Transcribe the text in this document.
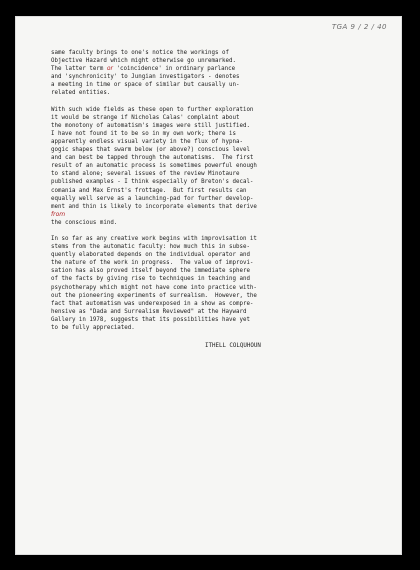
TGA 9 / 2 / 40
same faculty brings to one's notice the workings of
Objective Hazard which might otherwise go unremarked.
The latter term or 'coincidence' in ordinary parlance
and 'synchronicity' to Jungian investigators - denotes
a meeting in time or space of similar but causally un-
related entities.
With such wide fields as these open to further exploration
it would be strange if Nicholas Calas' complaint about
the monotony of automatism's images were still justified.
I have not found it to be so in my own work; there is
apparently endless visual variety in the flux of hypna-
gogic shapes that swarm below (or above?) conscious level
and can best be tapped through the automatisms.  The first
result of an automatic process is sometimes powerful enough
to stand alone; several issues of the review Minotaure
published examples - I think especially of Breton's decal-
comania and Max Ernst's frottage.  But first results can
equally well serve as a launching-pad for further develop-
ment and thin is likely to incorporate elements that derive
from
the conscious mind.
In so far as any creative work begins with improvisation it
stems from the automatic faculty: how much this in subse-
quently elaborated depends on the individual operator and
the nature of the work in progress.  The value of improvi-
sation has also proved itself beyond the immediate sphere
of the facts by giving rise to techniques in teaching and
psychotherapy which might not have come into practice with-
out the pioneering experiments of surrealism.  However, the
fact that automatism was underexposed in a show as compre-
hensive as "Dada and Surrealism Reviewed" at the Hayward
Gallery in 1978, suggests that its possibilities have yet
to be fully appreciated.
ITHELL COLQUHOUN
